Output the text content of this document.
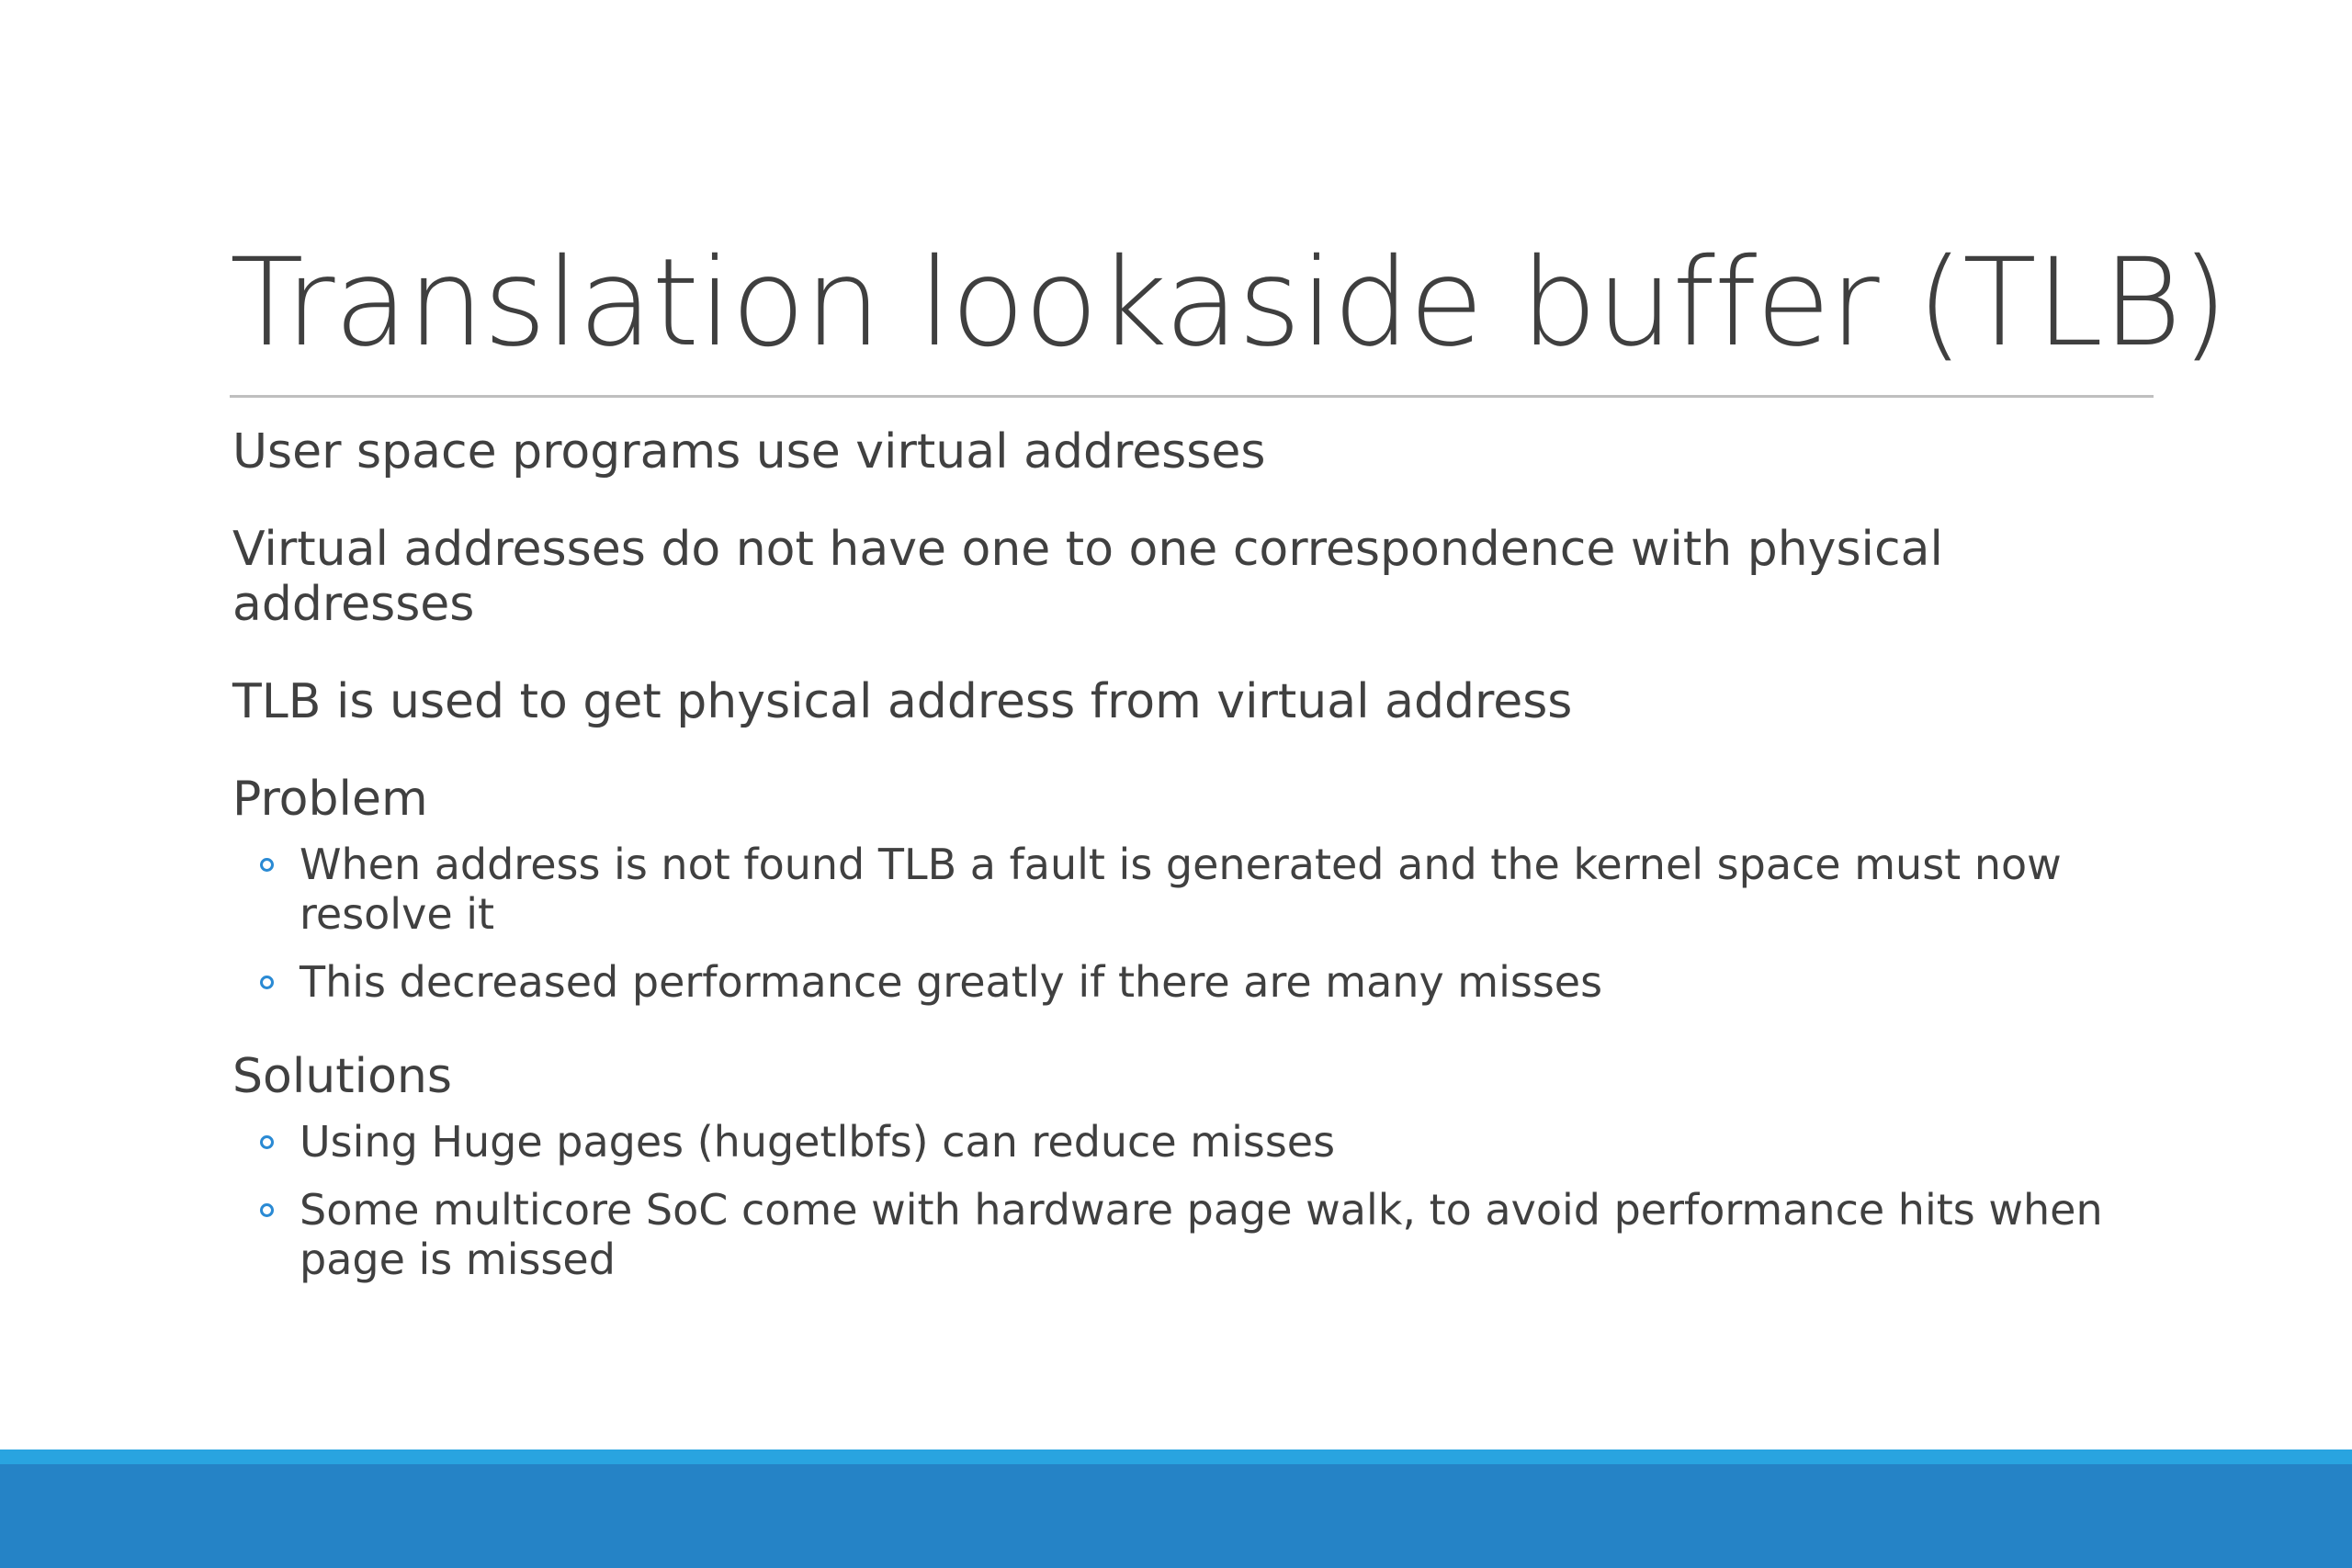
Translation lookaside buffer (TLB)
User space programs use virtual addresses
Virtual addresses do not have one to one correspondence with physical addresses
TLB is used to get physical address from virtual address
Problem
When address is not found TLB a fault is generated and the kernel space must now resolve it
This decreased performance greatly if there are many misses
Solutions
Using Huge pages (hugetlbfs) can reduce misses
Some multicore SoC come with hardware page walk, to avoid performance hits when page is missed
